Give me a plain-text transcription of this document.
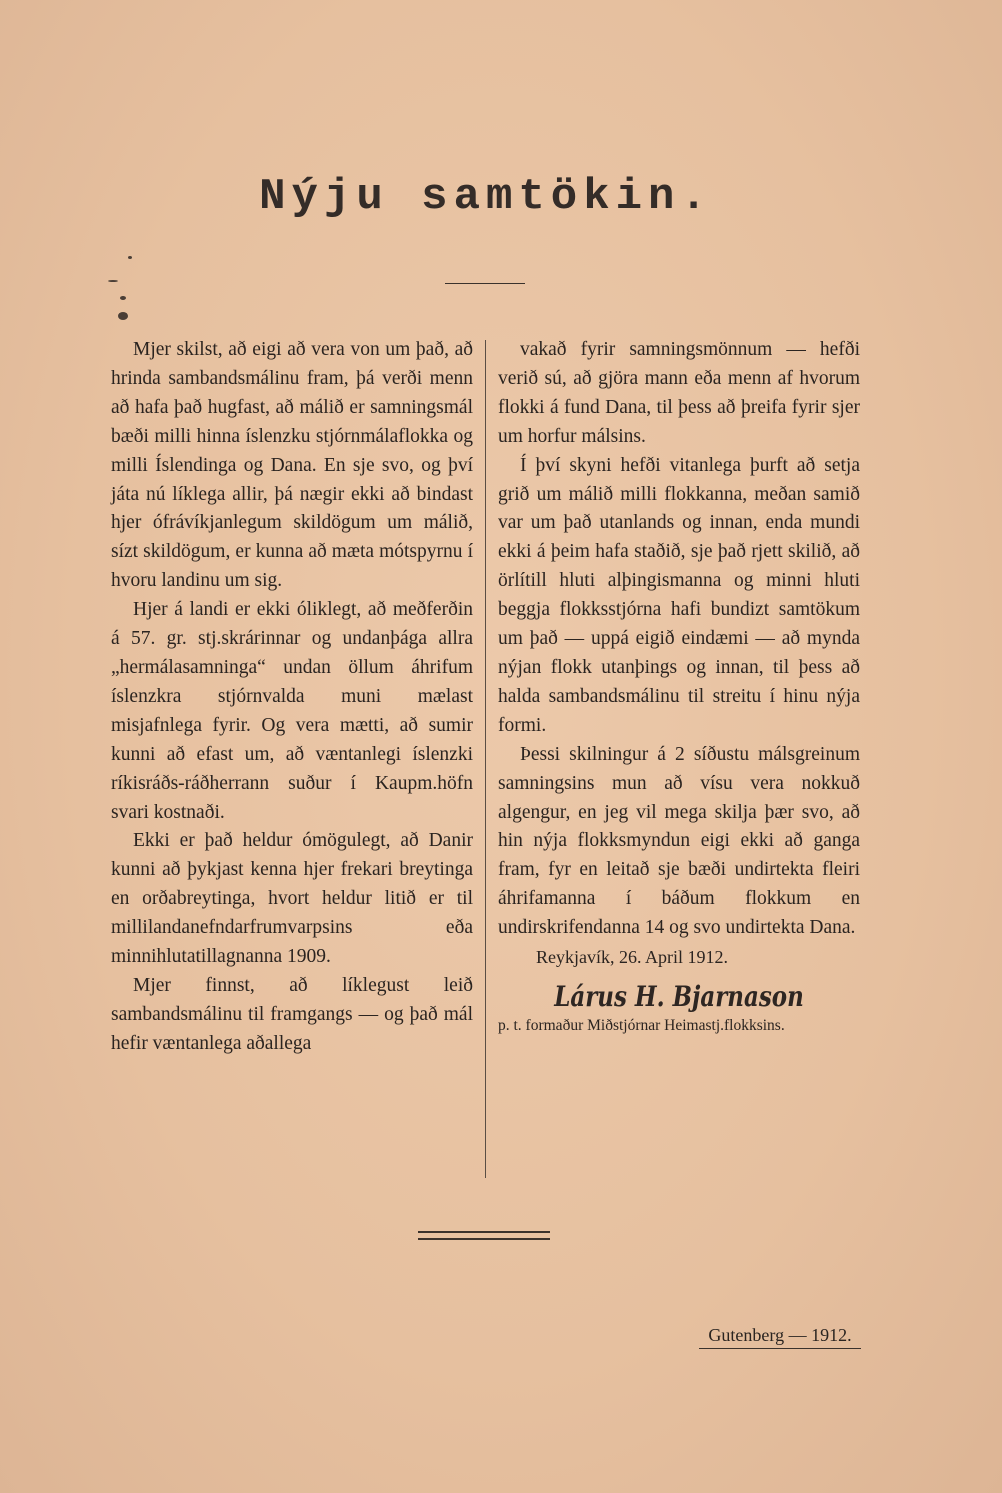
Nýju samtökin.

Mjer skilst, að eigi að vera von um það, að hrinda sambandsmálinu fram, þá verði menn að hafa það hugfast, að málið er samningsmál bæði milli hinna íslenzku stjórnmálaflokka og milli Íslendinga og Dana. En sje svo, og því játa nú líklega allir, þá nægir ekki að bindast hjer ófrávíkjanlegum skildögum um málið, sízt skildögum, er kunna að mæta mótspyrnu í hvoru landinu um sig.

Hjer á landi er ekki óliklegt, að meðferðin á 57. gr. stj.skrárinnar og undanþága allra „hermálasamninga“ undan öllum áhrifum íslenzkra stjórnvalda muni mælast misjafnlega fyrir. Og vera mætti, að sumir kunni að efast um, að væntanlegi íslenzki ríkisráðs-ráðherrann suður í Kaupm.höfn svari kostnaði.

Ekki er það heldur ómögulegt, að Danir kunni að þykjast kenna hjer frekari breytinga en orðabreytinga, hvort heldur litið er til millilandanefndarfrumvarpsins eða minnihlutatillagnanna 1909.

Mjer finnst, að líklegust leið sambandsmálinu til framgangs — og það mál hefir væntanlega aðallega

vakað fyrir samningsmönnum — hefði verið sú, að gjöra mann eða menn af hvorum flokki á fund Dana, til þess að þreifa fyrir sjer um horfur málsins.

Í því skyni hefði vitanlega þurft að setja grið um málið milli flokkanna, meðan samið var um það utanlands og innan, enda mundi ekki á þeim hafa staðið, sje það rjett skilið, að örlítill hluti alþingismanna og minni hluti beggja flokksstjórna hafi bundizt samtökum um það — uppá eigið eindæmi — að mynda nýjan flokk utanþings og innan, til þess að halda sambandsmálinu til streitu í hinu nýja formi.

Þessi skilningur á 2 síðustu málsgreinum samningsins mun að vísu vera nokkuð algengur, en jeg vil mega skilja þær svo, að hin nýja flokksmyndun eigi ekki að ganga fram, fyr en leitað sje bæði undirtekta fleiri áhrifamanna í báðum flokkum en undirskrifendanna 14 og svo undirtekta Dana.

Reykjavík, 26. April 1912.

Lárus H. Bjarnason

p. t. formaður Miðstjórnar Heimastj.flokksins.

Gutenberg — 1912.
